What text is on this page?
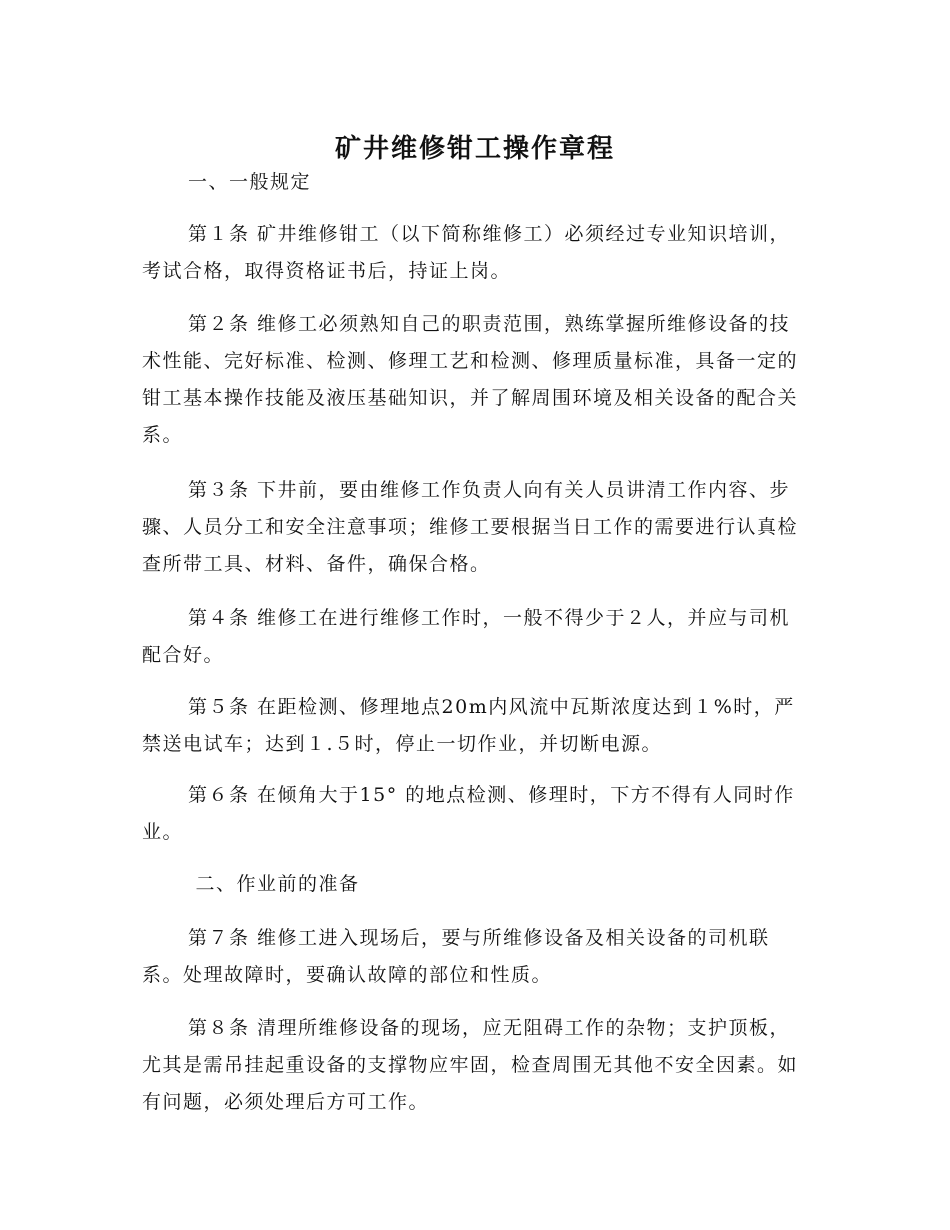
矿井维修钳工操作章程

一、一般规定

第１条 矿井维修钳工（以下简称维修工）必须经过专业知识培训，考试合格，取得资格证书后，持证上岗。

第２条 维修工必须熟知自己的职责范围，熟练掌握所维修设备的技术性能、完好标准、检测、修理工艺和检测、修理质量标准，具备一定的钳工基本操作技能及液压基础知识，并了解周围环境及相关设备的配合关系。

第３条 下井前，要由维修工作负责人向有关人员讲清工作内容、步骤、人员分工和安全注意事项；维修工要根据当日工作的需要进行认真检查所带工具、材料、备件，确保合格。

第４条 维修工在进行维修工作时，一般不得少于２人，并应与司机配合好。

第５条 在距检测、修理地点20m内风流中瓦斯浓度达到１%时，严禁送电试车；达到１.５时，停止一切作业，并切断电源。

第６条 在倾角大于15° 的地点检测、修理时，下方不得有人同时作业。

二、作业前的准备

第７条 维修工进入现场后，要与所维修设备及相关设备的司机联系。处理故障时，要确认故障的部位和性质。

第８条 清理所维修设备的现场，应无阻碍工作的杂物；支护顶板，尤其是需吊挂起重设备的支撑物应牢固，检查周围无其他不安全因素。如有问题，必须处理后方可工作。
